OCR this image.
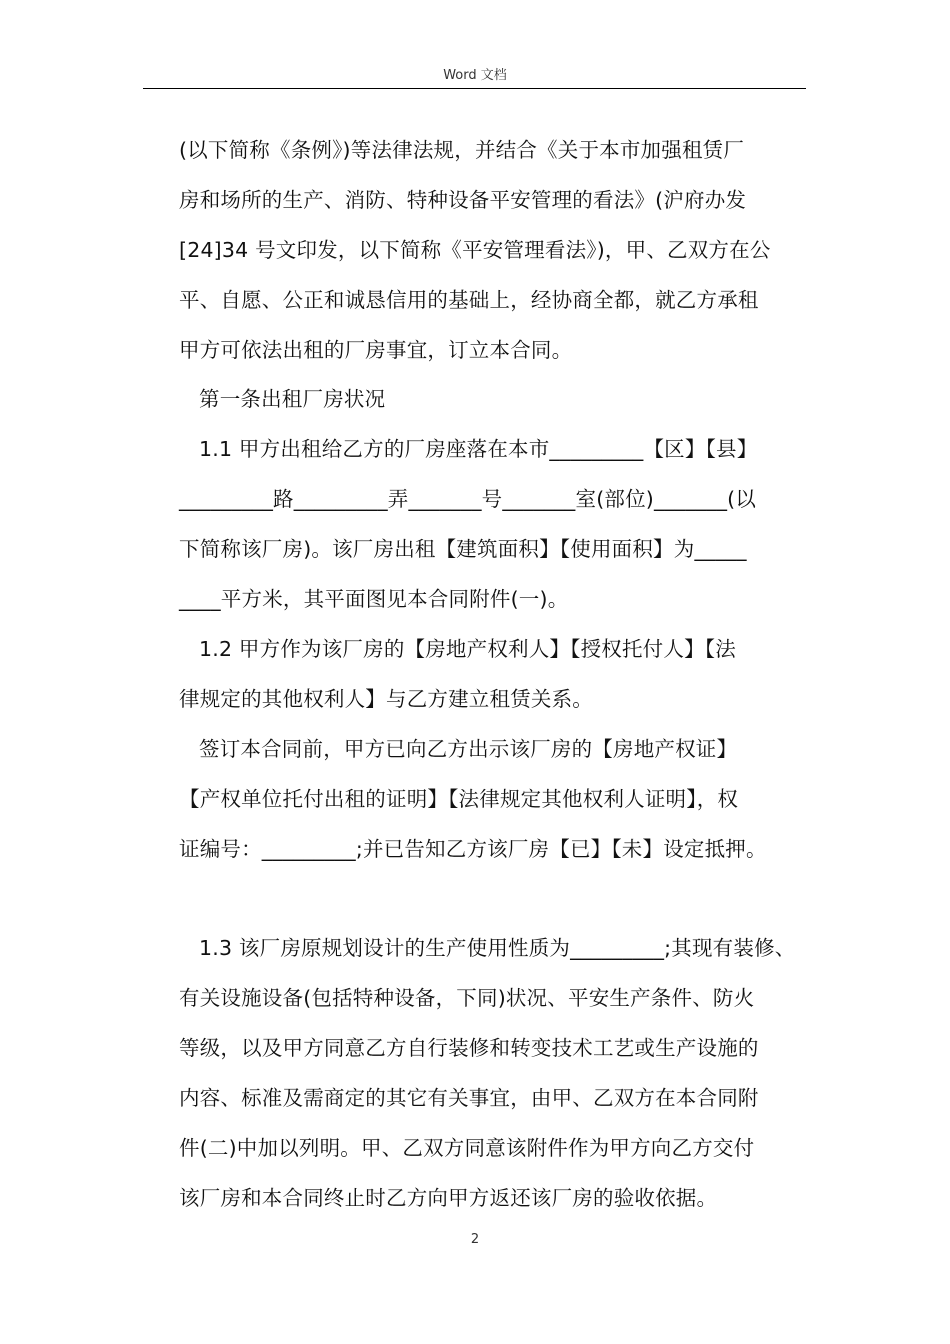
Word 文档

(以下简称《条例》)等法律法规，并结合《关于本市加强租赁厂

房和场所的生产、消防、特种设备平安管理的看法》(沪府办发

[24]34 号文印发，以下简称《平安管理看法》)，甲、乙双方在公

平、自愿、公正和诚恳信用的基础上，经协商全都，就乙方承租

甲方可依法出租的厂房事宜，订立本合同。

第一条出租厂房状况

1.1 甲方出租给乙方的厂房座落在本市_________【区】【县】

_________路_________弄_______号_______室(部位)_______(以

下简称该厂房)。该厂房出租【建筑面积】【使用面积】为_____

____平方米，其平面图见本合同附件(一)。

1.2 甲方作为该厂房的【房地产权利人】【授权托付人】【法

律规定的其他权利人】与乙方建立租赁关系。

签订本合同前，甲方已向乙方出示该厂房的【房地产权证】

【产权单位托付出租的证明】【法律规定其他权利人证明】，权

证编号：_________;并已告知乙方该厂房【已】【未】设定抵押。

1.3 该厂房原规划设计的生产使用性质为_________;其现有装修、

有关设施设备(包括特种设备，下同)状况、平安生产条件、防火

等级，以及甲方同意乙方自行装修和转变技术工艺或生产设施的

内容、标准及需商定的其它有关事宜，由甲、乙双方在本合同附

件(二)中加以列明。甲、乙双方同意该附件作为甲方向乙方交付

该厂房和本合同终止时乙方向甲方返还该厂房的验收依据。

2
